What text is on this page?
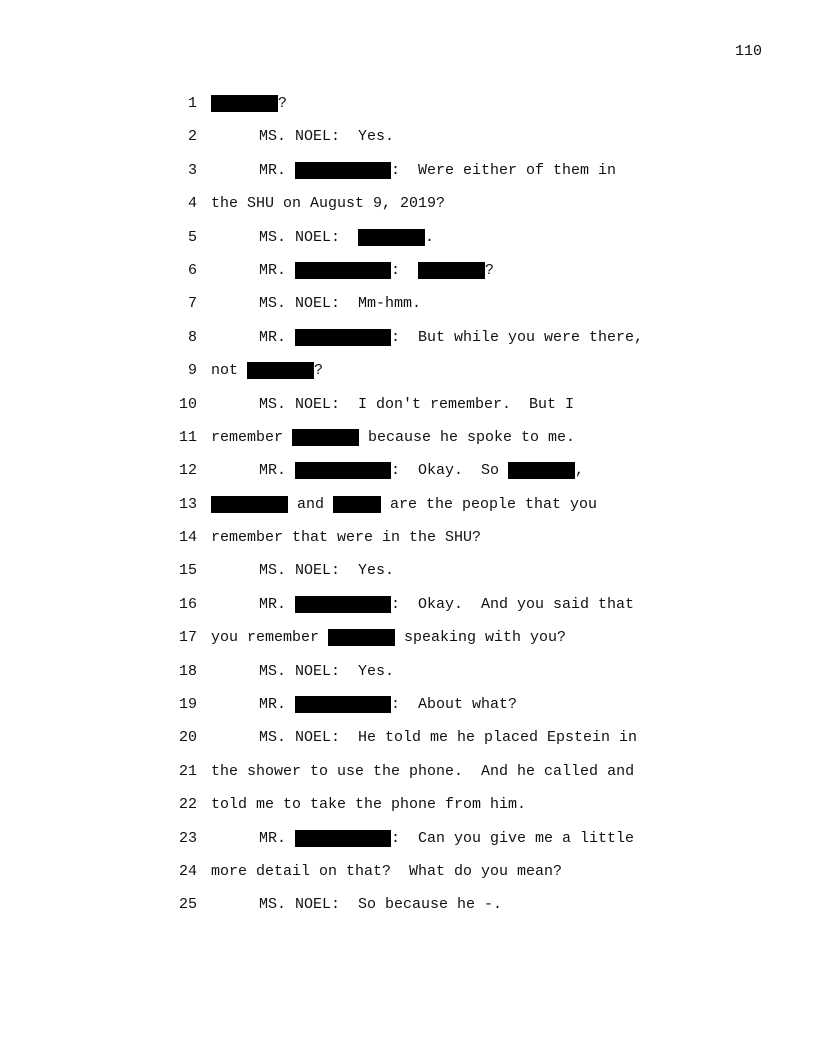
110
1	?
2	MS. NOEL:  Yes.
3	MR.	:  Were either of them in
4 the SHU on August 9, 2019?
5	MS. NOEL:	.
6	MR.	:	?
7	MS. NOEL:  Mm-hmm.
8	MR.	:  But while you were there,
9 not	?
10	MS. NOEL:  I don't remember.  But I
11 remember	because he spoke to me.
12	MR.	:  Okay.  So	,
13	and	are the people that you
14 remember that were in the SHU?
15	MS. NOEL:  Yes.
16	MR.	:  Okay.  And you said that
17 you remember	speaking with you?
18	MS. NOEL:  Yes.
19	MR.	:  About what?
20	MS. NOEL:  He told me he placed Epstein in
21 the shower to use the phone.  And he called and
22 told me to take the phone from him.
23	MR.	:  Can you give me a little
24 more detail on that?  What do you mean?
25	MS. NOEL:  So because he -.
